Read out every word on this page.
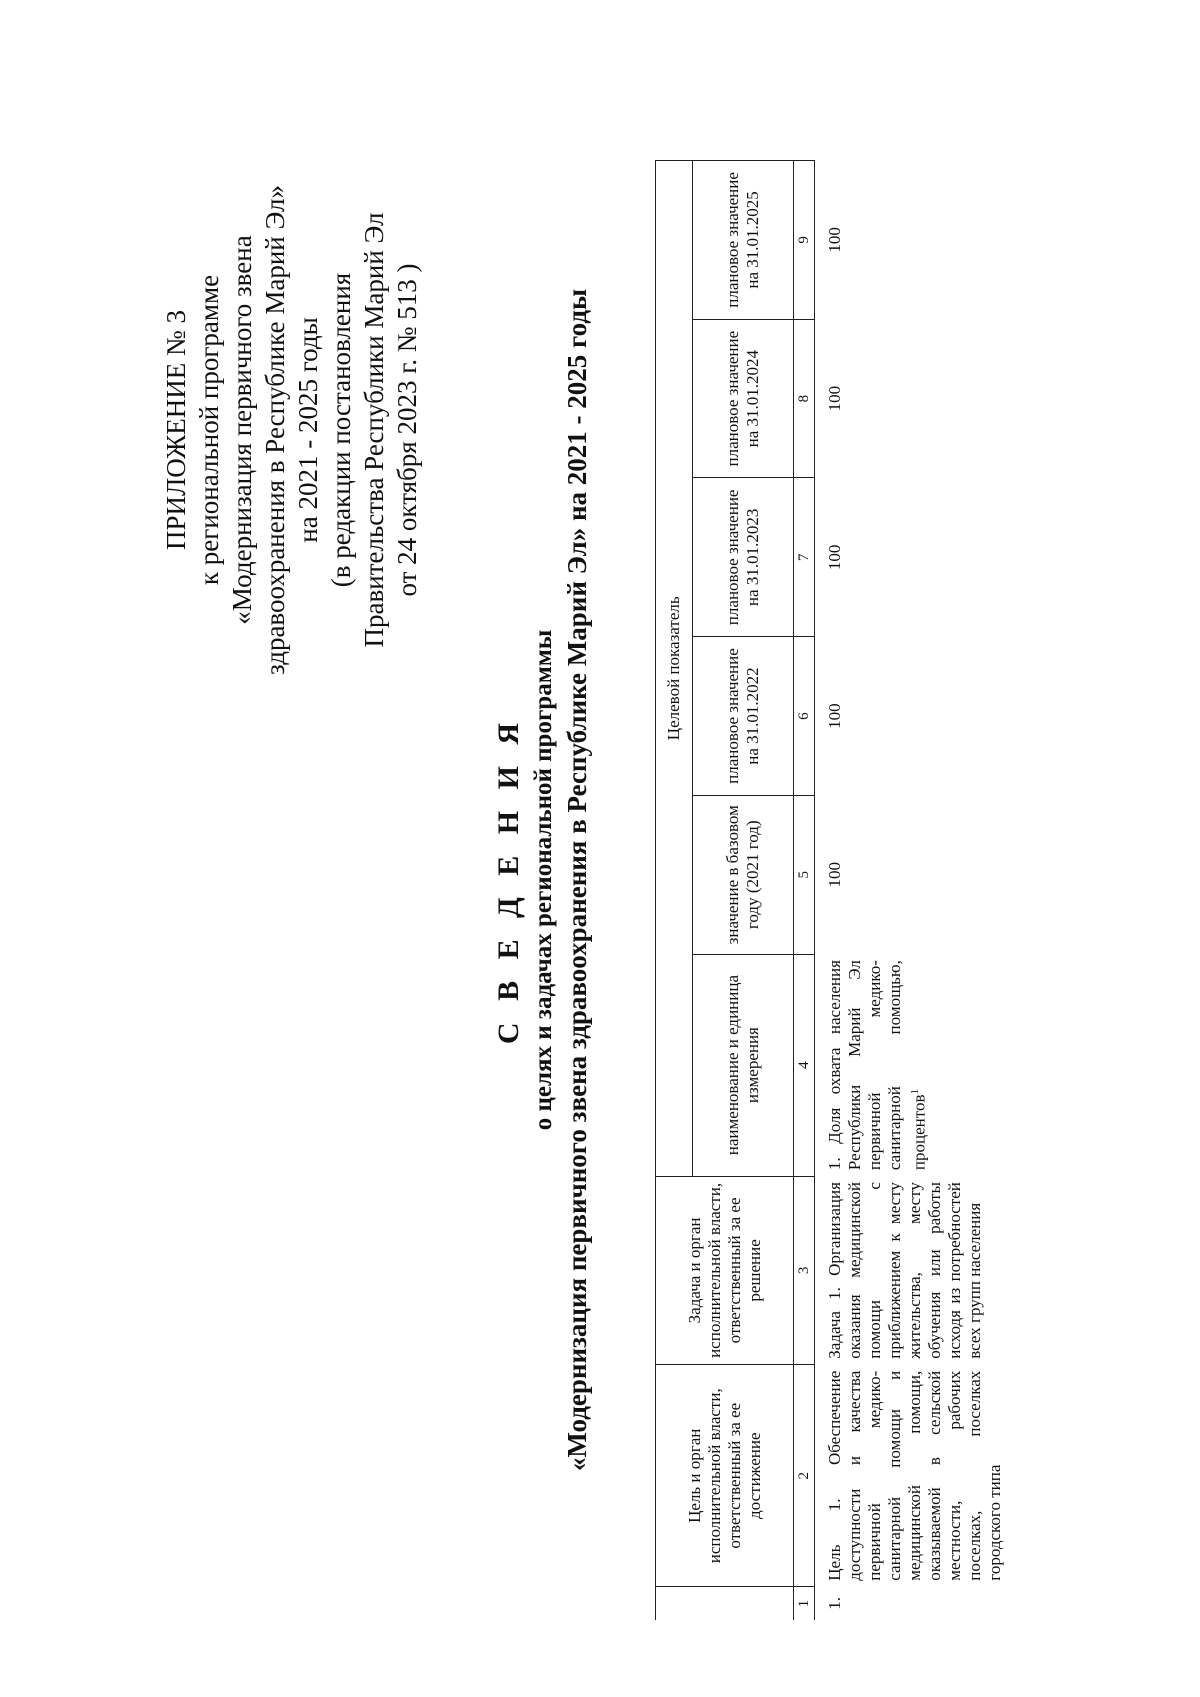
ПРИЛОЖЕНИЕ № 3 к региональной программе «Модернизация первичного звена здравоохранения в Республике Марий Эл» на 2021 - 2025 годы (в редакции постановления Правительства Республики Марий Эл от 24 октября 2023 г. № 513 )
С В Е Д Е Н И Я о целях и задачах региональной программы «Модернизация первичного звена здравоохранения в Республике Марий Эл» на 2021 - 2025 годы
	Цель и орган исполнительной власти, ответственный за ее достижение	Задача и орган исполнительной власти, ответственный за ее решение	Целевой показатель					
			наименование и единица измерения	значение в базовом году (2021 год)	плановое значение на 31.01.2022	плановое значение на 31.01.2023	плановое значение на 31.01.2024	плановое значение на 31.01.2025
1	2	3	4	5	6	7	8	9
1.	Цель 1. Обеспечение доступности и качества первичной медико-санитарной помощи и медицинской помощи, оказываемой в сельской местности, рабочих поселках, поселках городского типа	Задача 1. Организация оказания медицинской помощи с приближением к месту жительства, месту обучения или работы исходя из потребностей всех групп населения	1. Доля охвата населения Республики Марий Эл первичной медико-санитарной помощью, процентов$^1$	100	100	100	100	100
